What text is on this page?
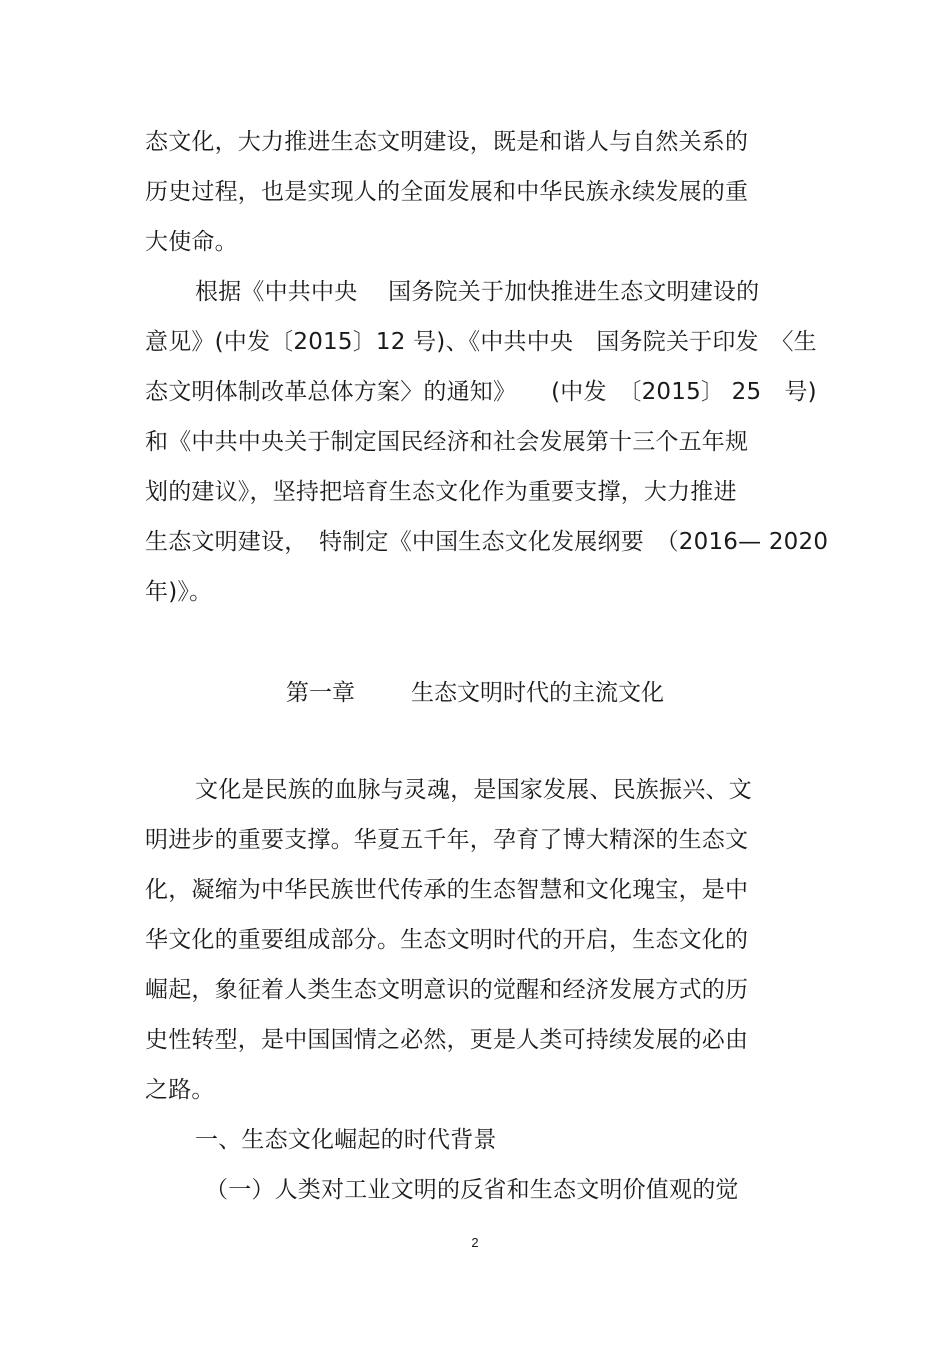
态文化，大力推进生态文明建设，既是和谐人与自然关系的
历史过程，也是实现人的全面发展和中华民族永续发展的重
大使命。
根据《中共中央　 国务院关于加快推进生态文明建设的
意见》(中发〔2015〕12 号)、《中共中央　国务院关于印发　〈生
态文明体制改革总体方案〉的通知》　　(中发　〔2015〕 25　号)
和《中共中央关于制定国民经济和社会发展第十三个五年规
划的建议》，坚持把培育生态文化作为重要支撑，大力推进
生态文明建设，　特制定《中国生态文化发展纲要　（2016— 2020
年)》。
第一章 生态文明时代的主流文化
文化是民族的血脉与灵魂，是国家发展、民族振兴、文
明进步的重要支撑。华夏五千年，孕育了博大精深的生态文
化，凝缩为中华民族世代传承的生态智慧和文化瑰宝，是中
华文化的重要组成部分。生态文明时代的开启，生态文化的
崛起，象征着人类生态文明意识的觉醒和经济发展方式的历
史性转型，是中国国情之必然，更是人类可持续发展的必由
之路。
一、生态文化崛起的时代背景
（一）人类对工业文明的反省和生态文明价值观的觉
2
